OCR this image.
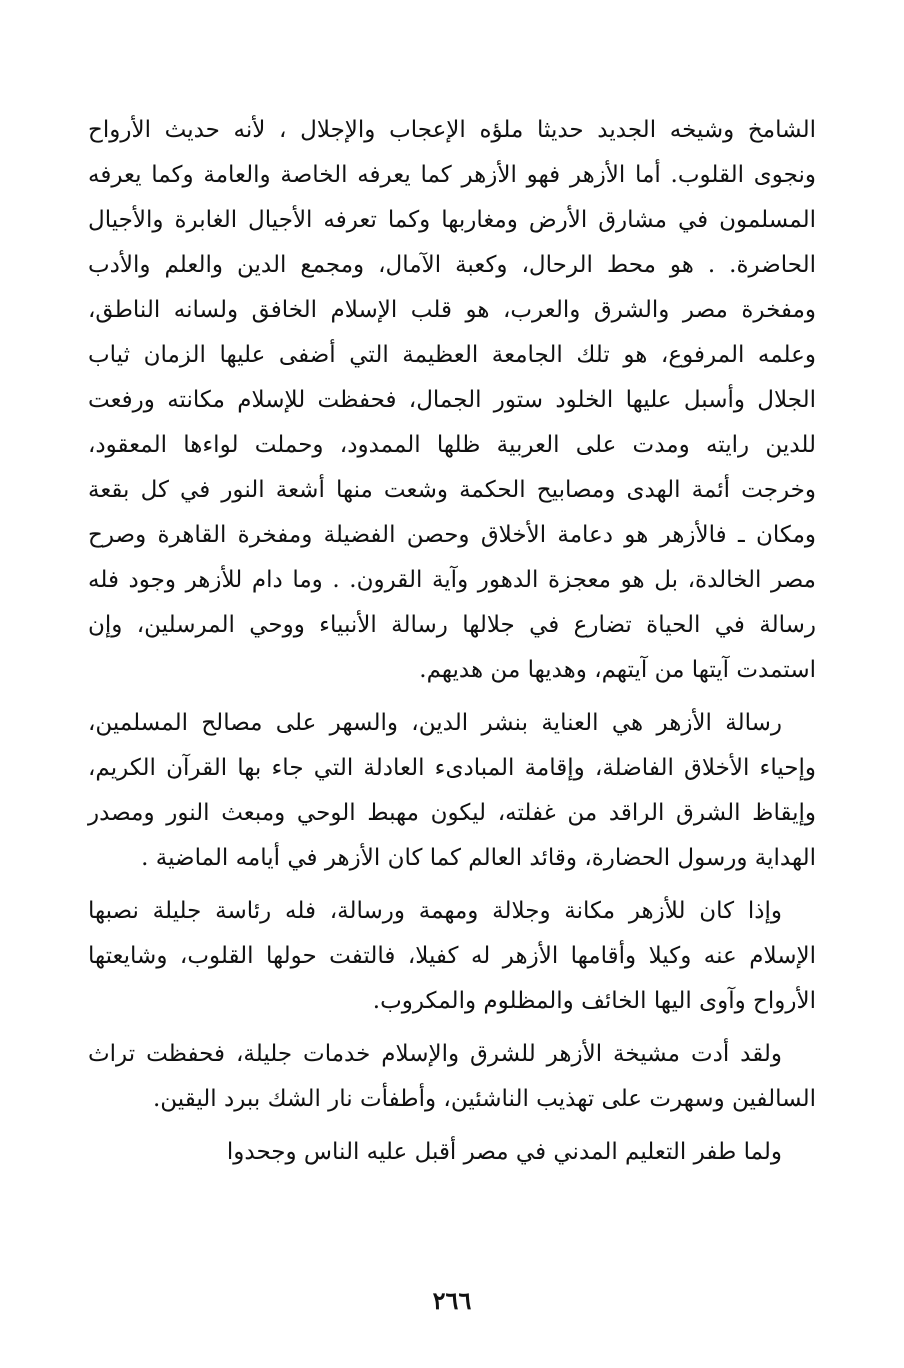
الشامخ وشيخه الجديد حديثا ملؤه الإعجاب والإجلال ، لأنه حديث الأرواح ونجوى القلوب. أما الأزهر فهو الأزهر كما يعرفه الخاصة والعامة وكما يعرفه المسلمون في مشارق الأرض ومغاربها وكما تعرفه الأجيال الغابرة والأجيال الحاضرة. . هو محط الرحال، وكعبة الآمال، ومجمع الدين والعلم والأدب ومفخرة مصر والشرق والعرب، هو قلب الإسلام الخافق ولسانه الناطق، وعلمه المرفوع، هو تلك الجامعة العظيمة التي أضفى عليها الزمان ثياب الجلال وأسبل عليها الخلود ستور الجمال، فحفظت للإسلام مكانته ورفعت للدين رايته ومدت على العربية ظلها الممدود، وحملت لواءها المعقود، وخرجت أئمة الهدى ومصابيح الحكمة وشعت منها أشعة النور في كل بقعة ومكان ـ فالأزهر هو دعامة الأخلاق وحصن الفضيلة ومفخرة القاهرة وصرح مصر الخالدة، بل هو معجزة الدهور وآية القرون. . وما دام للأزهر وجود فله رسالة في الحياة تضارع في جلالها رسالة الأنبياء ووحي المرسلين، وإن استمدت آيتها من آيتهم، وهديها من هديهم.

رسالة الأزهر هي العناية بنشر الدين، والسهر على مصالح المسلمين، وإحياء الأخلاق الفاضلة، وإقامة المبادىء العادلة التي جاء بها القرآن الكريم، وإيقاظ الشرق الراقد من غفلته، ليكون مهبط الوحي ومبعث النور ومصدر الهداية ورسول الحضارة، وقائد العالم كما كان الأزهر في أيامه الماضية .

وإذا كان للأزهر مكانة وجلالة ومهمة ورسالة، فله رئاسة جليلة نصبها الإسلام عنه وكيلا وأقامها الأزهر له كفيلا، فالتفت حولها القلوب، وشايعتها الأرواح وآوى اليها الخائف والمظلوم والمكروب.

ولقد أدت مشيخة الأزهر للشرق والإسلام خدمات جليلة، فحفظت تراث السالفين وسهرت على تهذيب الناشئين، وأطفأت نار الشك ببرد اليقين.

ولما طفر التعليم المدني في مصر أقبل عليه الناس وجحدوا

٢٦٦
